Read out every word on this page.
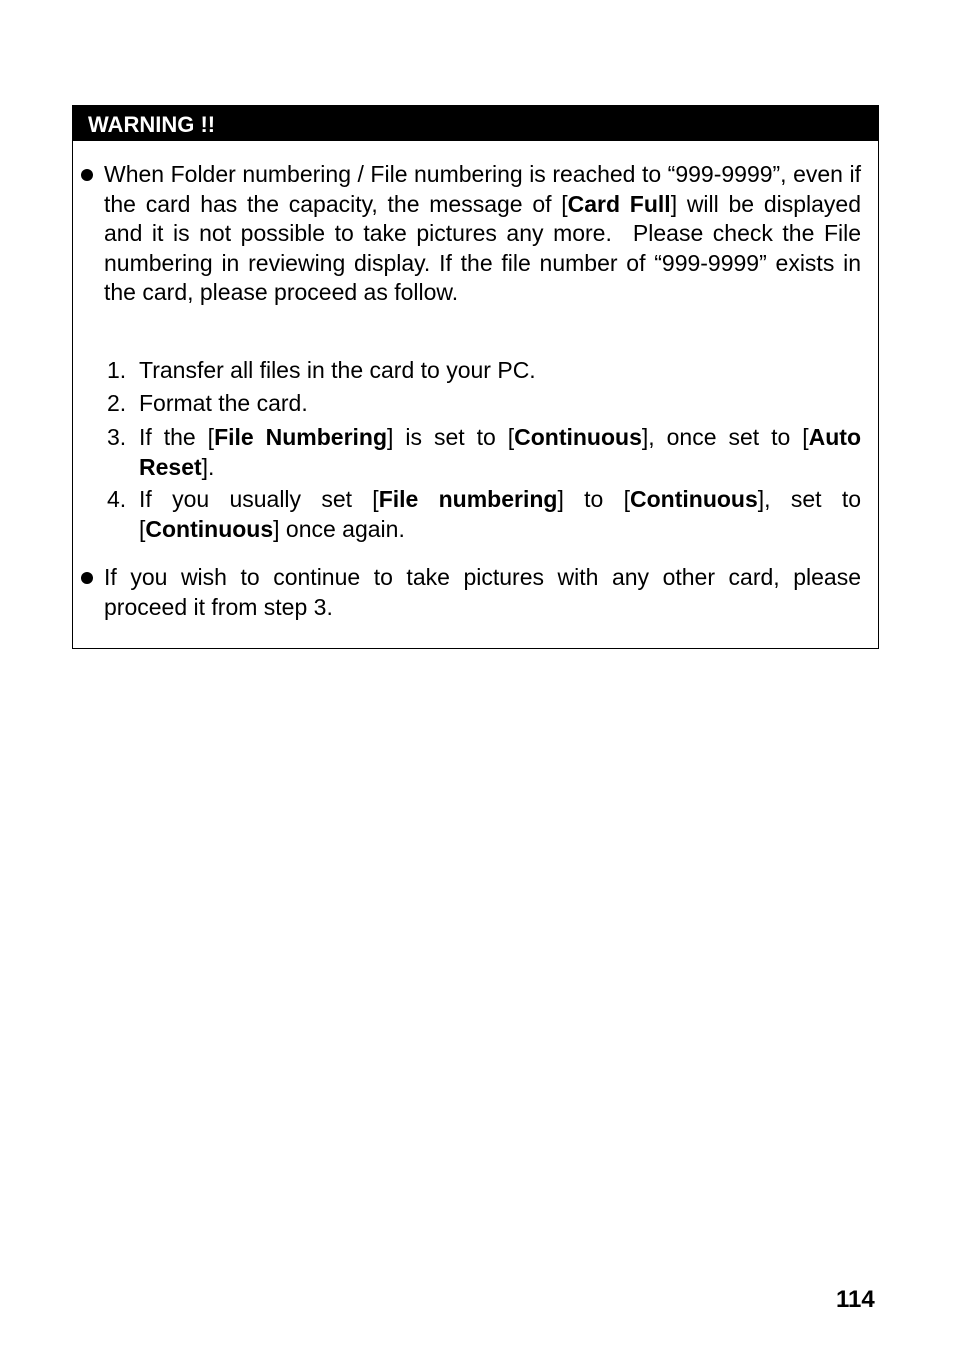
WARNING !!
When Folder numbering / File numbering is reached to “999-9999”, even if the card has the capacity, the message of [Card Full] will be displayed and it is not possible to take pictures any more.  Please check the File numbering in reviewing display. If the file number of “999-9999” exists in the card, please proceed as follow.
1. Transfer all files in the card to your PC.
2. Format the card.
3. If the [File Numbering] is set to [Continuous], once set to [Auto Reset].
4. If you usually set [File numbering] to [Continuous], set to [Continuous] once again.
If you wish to continue to take pictures with any other card, please proceed it from step 3.
114
